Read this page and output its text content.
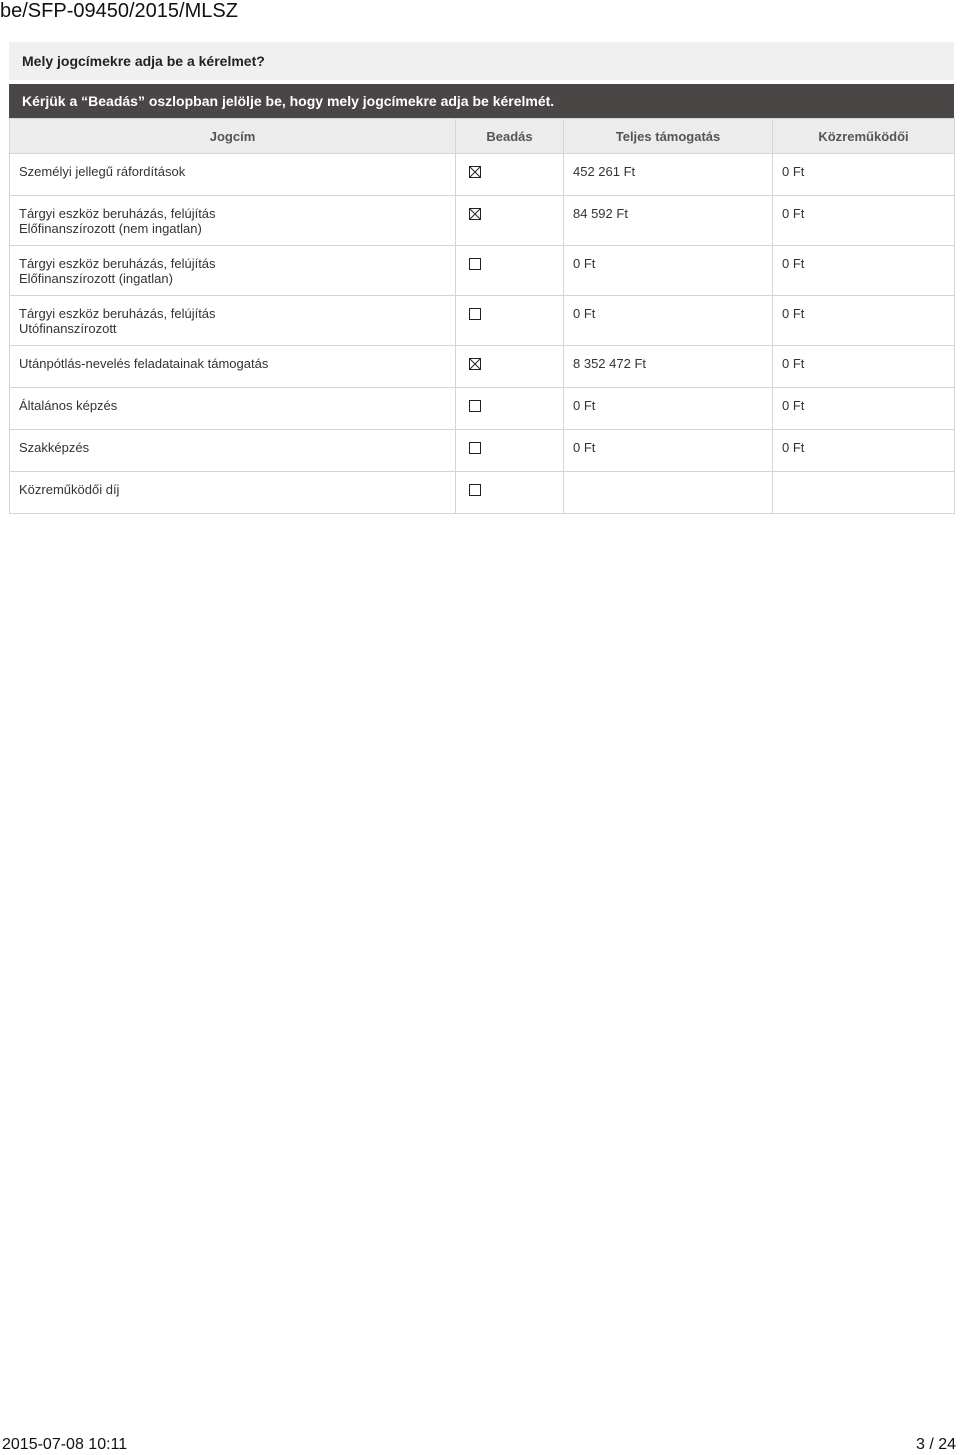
be/SFP-09450/2015/MLSZ
Mely jogcímekre adja be a kérelmet?
Kérjük a “Beadás” oszlopban jelölje be, hogy mely jogcímekre adja be kérelmét.
Jogcím	Beadás	Teljes támogatás	Közreműködői

Személyi jellegű ráfordítások		452 261 Ft	0 Ft

Tárgyi eszköz beruházás, felújítás
Előfinanszírozott (nem ingatlan)		84 592 Ft	0 Ft

Tárgyi eszköz beruházás, felújítás
Előfinanszírozott (ingatlan)		0 Ft	0 Ft

Tárgyi eszköz beruházás, felújítás
Utófinanszírozott		0 Ft	0 Ft

Utánpótlás-nevelés feladatainak támogatás		8 352 472 Ft	0 Ft

Általános képzés		0 Ft	0 Ft

Szakképzés		0 Ft	0 Ft

Közreműködői díj			

2015-07-08 10:11	3 / 24
